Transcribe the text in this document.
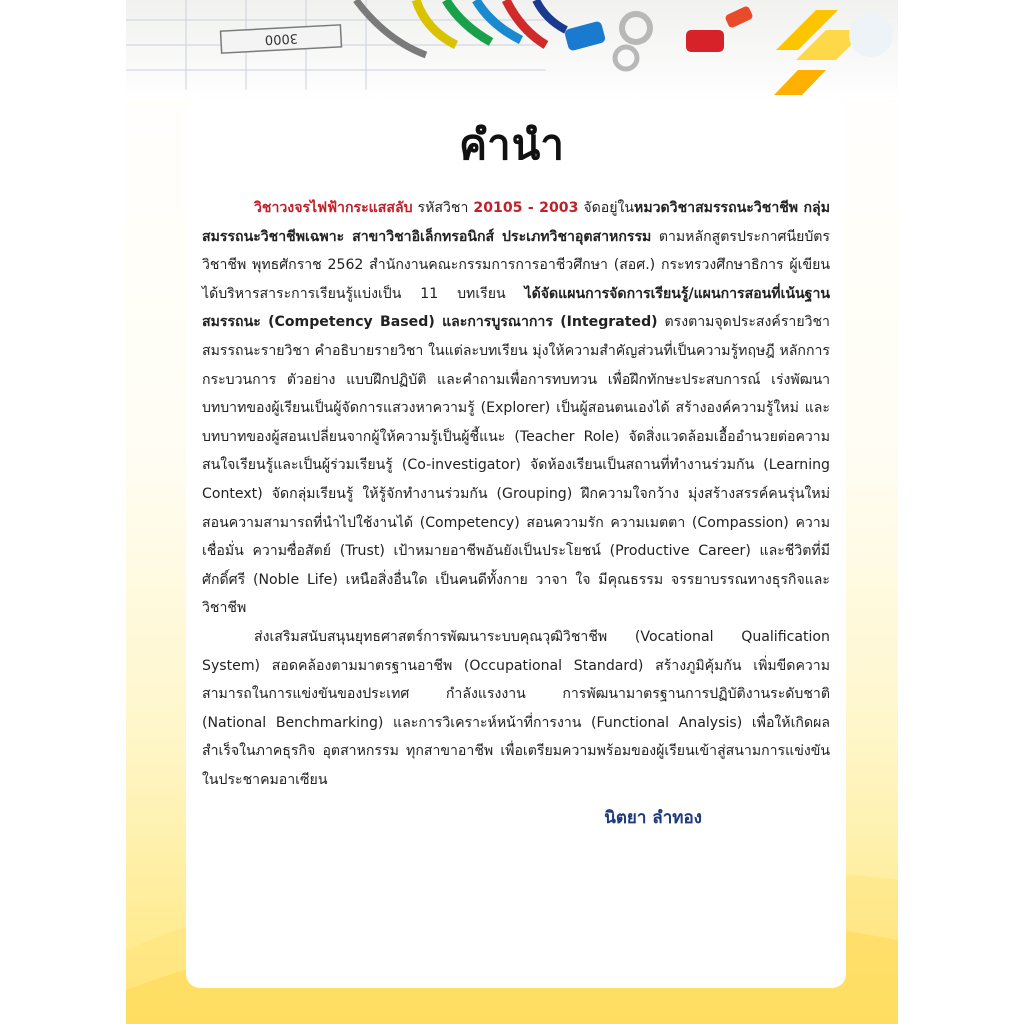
3000
คำนำ

วิชาวงจรไฟฟ้ากระแสสลับ รหัสวิชา 20105 - 2003 จัดอยู่ในหมวดวิชาสมรรถนะวิชาชีพ กลุ่มสมรรถนะวิชาชีพเฉพาะ สาขาวิชาอิเล็กทรอนิกส์ ประเภทวิชาอุตสาหกรรม ตามหลักสูตรประกาศนียบัตรวิชาชีพ พุทธศักราช 2562 สำนักงานคณะกรรมการการอาชีวศึกษา (สอศ.) กระทรวงศึกษาธิการ ผู้เขียนได้บริหารสาระการเรียนรู้แบ่งเป็น 11 บทเรียน ได้จัดแผนการจัดการเรียนรู้/แผนการสอนที่เน้นฐานสมรรถนะ (Competency Based) และการบูรณาการ (Integrated) ตรงตามจุดประสงค์รายวิชา สมรรถนะรายวิชา คำอธิบายรายวิชา ในแต่ละบทเรียน มุ่งให้ความสำคัญส่วนที่เป็นความรู้ทฤษฎี หลักการ กระบวนการ ตัวอย่าง แบบฝึกปฏิบัติ และคำถามเพื่อการทบทวน เพื่อฝึกทักษะประสบการณ์ เร่งพัฒนาบทบาทของผู้เรียนเป็นผู้จัดการแสวงหาความรู้ (Explorer) เป็นผู้สอนตนเองได้ สร้างองค์ความรู้ใหม่ และบทบาทของผู้สอนเปลี่ยนจากผู้ให้ความรู้เป็นผู้ชี้แนะ (Teacher Role) จัดสิ่งแวดล้อมเอื้ออำนวยต่อความสนใจเรียนรู้และเป็นผู้ร่วมเรียนรู้ (Co-investigator) จัดห้องเรียนเป็นสถานที่ทำงานร่วมกัน (Learning Context) จัดกลุ่มเรียนรู้ ให้รู้จักทำงานร่วมกัน (Grouping) ฝึกความใจกว้าง มุ่งสร้างสรรค์คนรุ่นใหม่ สอนความสามารถที่นำไปใช้งานได้ (Competency) สอนความรัก ความเมตตา (Compassion) ความเชื่อมั่น ความซื่อสัตย์ (Trust) เป้าหมายอาชีพอันยังเป็นประโยชน์ (Productive Career) และชีวิตที่มีศักดิ์ศรี (Noble Life) เหนือสิ่งอื่นใด เป็นคนดีทั้งกาย วาจา ใจ มีคุณธรรม จรรยาบรรณทางธุรกิจและวิชาชีพ

ส่งเสริมสนับสนุนยุทธศาสตร์การพัฒนาระบบคุณวุฒิวิชาชีพ (Vocational Qualification System) สอดคล้องตามมาตรฐานอาชีพ (Occupational Standard) สร้างภูมิคุ้มกัน เพิ่มขีดความสามารถในการแข่งขันของประเทศ กำลังแรงงาน การพัฒนามาตรฐานการปฏิบัติงานระดับชาติ (National Benchmarking) และการวิเคราะห์หน้าที่การงาน (Functional Analysis) เพื่อให้เกิดผลสำเร็จในภาคธุรกิจ อุตสาหกรรม ทุกสาขาอาชีพ เพื่อเตรียมความพร้อมของผู้เรียนเข้าสู่สนามการแข่งขันในประชาคมอาเซียน

นิตยา ลำทอง
